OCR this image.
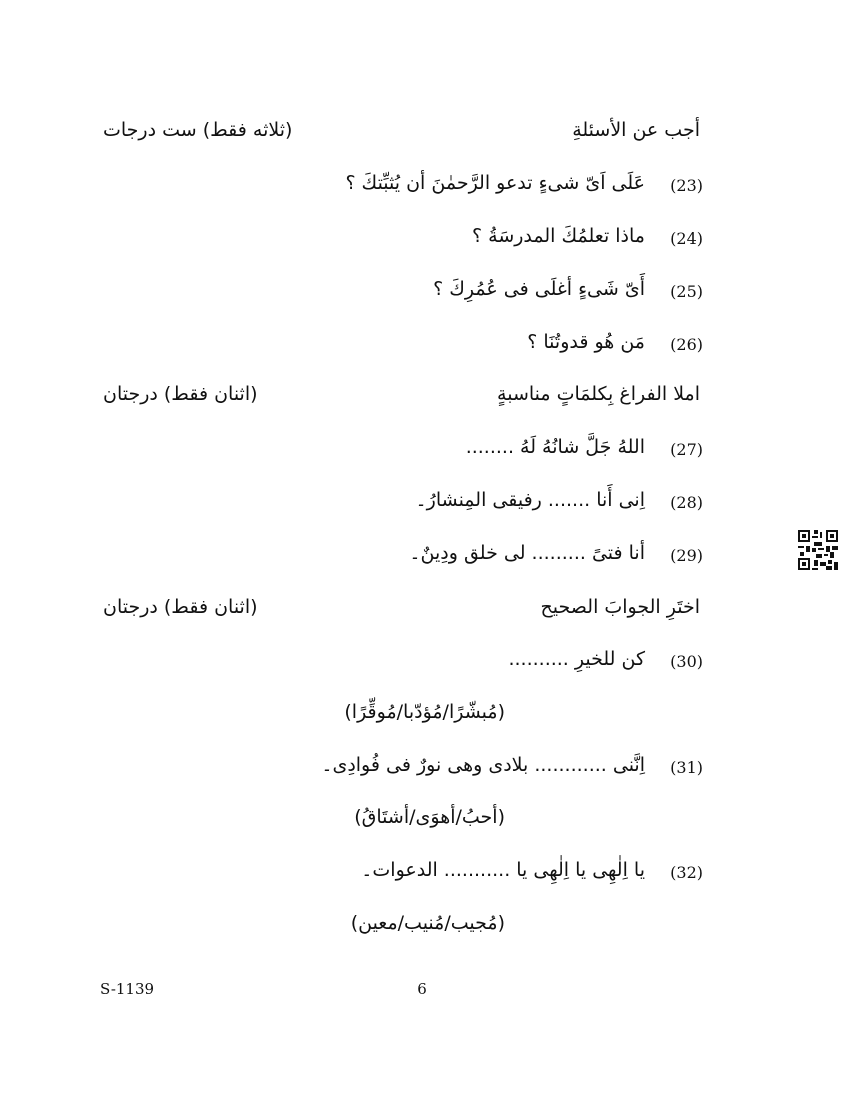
أجب عن الأسئلةِ
(ثلاثه فقط) ست درجات
(23)
عَلَى اَىّ شىءٍ تدعو الرَّحمٰنَ أن يُثبِّتكَ ؟
(24)
ماذا تعلمُكَ المدرسَةُ ؟
(25)
أَىّ شَىءٍ أغلَى فى عُمُرِكَ ؟
(26)
مَن هُو قدوتُنَا ؟
املا الفراغ بِكلمَاتٍ مناسبةٍ
(اثنان فقط) درجتان
(27)
اللهُ جَلَّ شانُهُ لَهُ ........
(28)
اِنى أَنا ....... رفيقى المِنشارُ۔
(29)
أنا فتىً ......... لى خلق ودِينٌ۔
اختَرِ الجوابَ الصحيح
(اثنان فقط) درجتان
(30)
كن للخيرِ ..........
(مُبشّرًا/مُؤدّبا/مُوقِّرًا)
(31)
اِنَّنى ............ بلادى وهى نورٌ فى فُوادِى۔
(أحبُ/أهوَى/أشتَاقُ)
(32)
يا اِلٰهِى يا اِلٰهِى يا ........... الدعوات۔
(مُجيب/مُنيب/معين)
S-1139	6
